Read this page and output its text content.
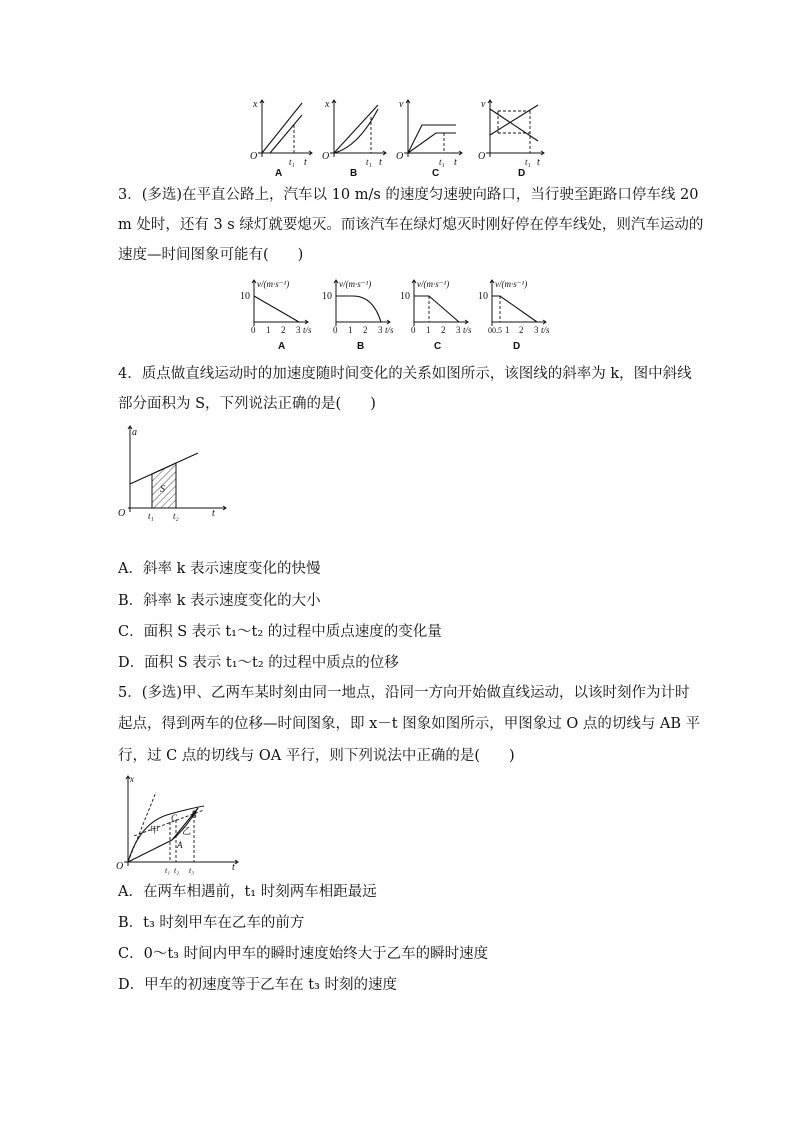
x
O	t₁ t
A
x
O	t₁ t
B
v
O	t₁ t
C
v
O	t₁ t
D
3．(多选)在平直公路上，汽车以 10 m/s 的速度匀速驶向路口，当行驶至距路口停车线 20
m 处时，还有 3 s 绿灯就要熄灭。而该汽车在绿灯熄灭时刚好停在停车线处，则汽车运动的
速度—时间图象可能有(　　)
v/(m·s⁻¹)
10
0 1 2 3 t/s
A
v/(m·s⁻¹)
10
0 1 2 3 t/s
B
v/(m·s⁻¹)
10
0 1 2 3 t/s
C
v/(m·s⁻¹)
10
00.5 1 2 3 t/s
D
4．质点做直线运动时的加速度随时间变化的关系如图所示，该图线的斜率为 k，图中斜线
部分面积为 S，下列说法正确的是(　　)
S
a
O	t₁ t₂	t
A．斜率 k 表示速度变化的快慢
B．斜率 k 表示速度变化的大小
C．面积 S 表示 t₁～t₂ 的过程中质点速度的变化量
D．面积 S 表示 t₁～t₂ 的过程中质点的位移
5．(多选)甲、乙两车某时刻由同一地点，沿同一方向开始做直线运动，以该时刻作为计时
起点，得到两车的位移—时间图象，即 x－t 图象如图所示，甲图象过 O 点的切线与 AB 平
行，过 C 点的切线与 OA 平行，则下列说法中正确的是(　　)
x
O
甲	乙
C
A
B
t₁ t₂ t₃	t
A．在两车相遇前，t₁ 时刻两车相距最远
B．t₃ 时刻甲车在乙车的前方
C．0～t₃ 时间内甲车的瞬时速度始终大于乙车的瞬时速度
D．甲车的初速度等于乙车在 t₃ 时刻的速度
